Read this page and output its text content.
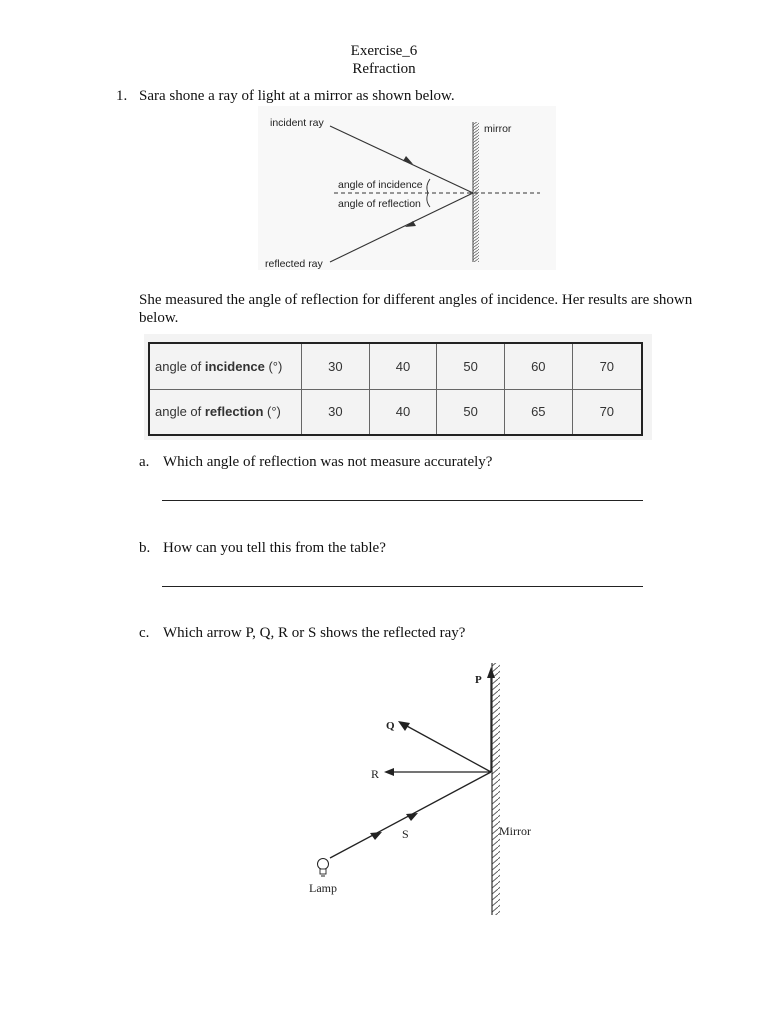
Exercise_6
Refraction
1. Sara shone a ray of light at a mirror as shown below.
incident ray	mirror
angle of incidence
angle of reflection
reflected ray
She measured the angle of reflection for different angles of incidence. Her results are shown below.
angle of incidence (°)	30	40	50	60	70
angle of reflection (°)	30	40	50	65	70
a. Which angle of reflection was not measure accurately?
b. How can you tell this from the table?
c. Which arrow P, Q, R or S shows the reflected ray?
P
Q
R
S	Mirror
Lamp
